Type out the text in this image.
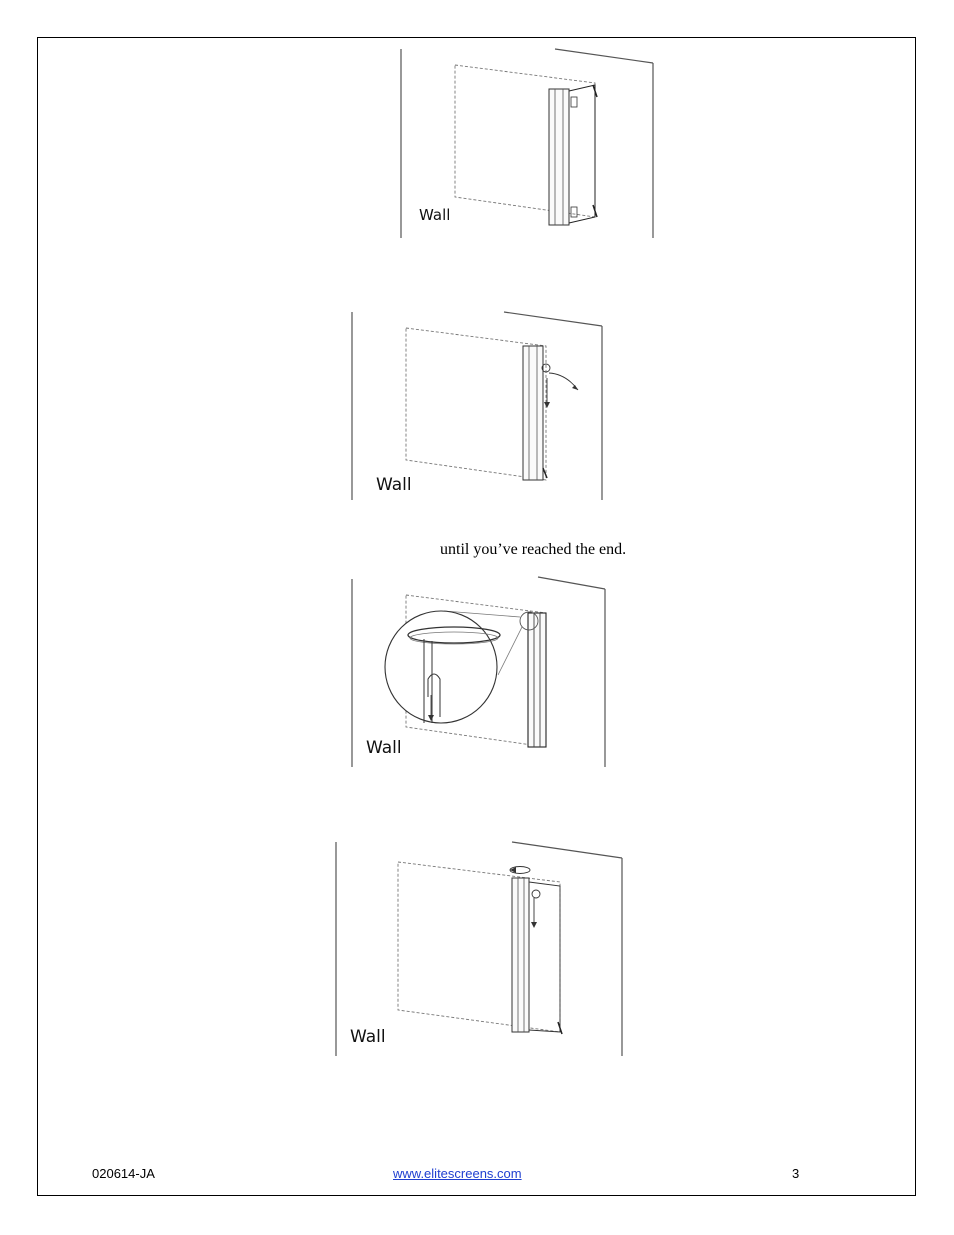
Wall
Wall
until you’ve reached the end.
Wall
Wall
020614-JA	www.elitescreens.com	3
